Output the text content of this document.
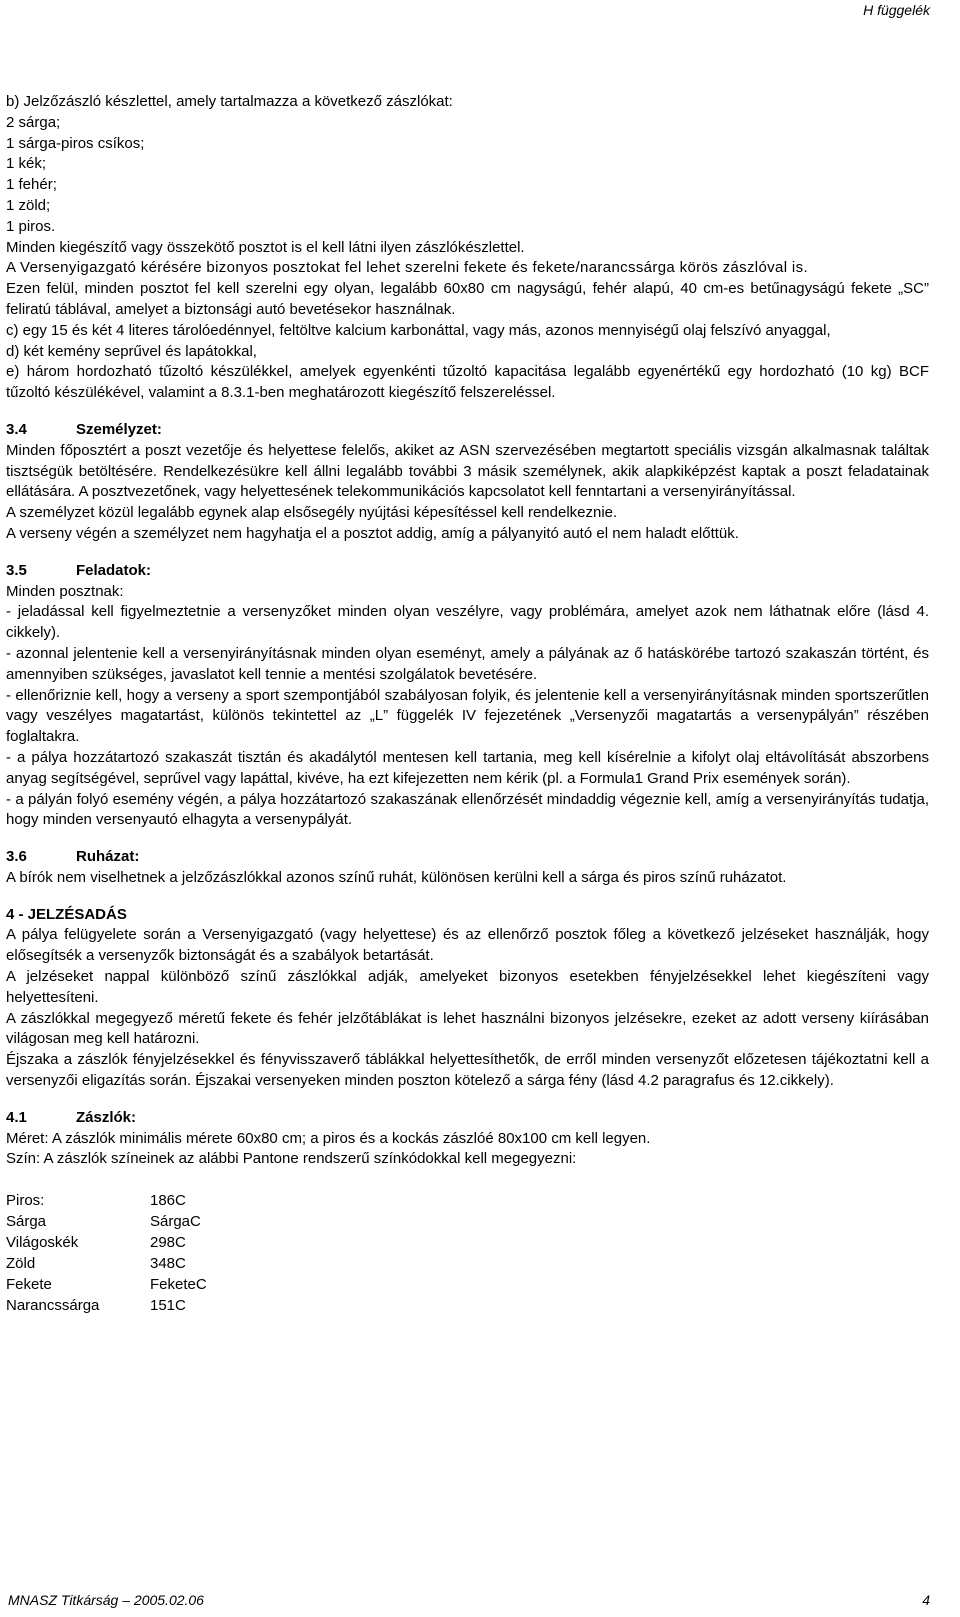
H függelék

b) Jelzőzászló készlettel, amely tartalmazza a következő zászlókat:

2 sárga;

1 sárga-piros csíkos;

1 kék;

1 fehér;

1 zöld;

1 piros.

Minden kiegészítő vagy összekötő posztot is el kell látni ilyen zászlókészlettel.

A Versenyigazgató kérésére bizonyos posztokat fel lehet szerelni fekete és fekete/narancssárga körös zászlóval is.

Ezen felül, minden posztot fel kell szerelni egy olyan, legalább 60x80 cm nagyságú, fehér alapú, 40 cm-es betűnagyságú fekete „SC” feliratú táblával, amelyet a biztonsági autó bevetésekor használnak.

c) egy 15 és két 4 literes tárolóedénnyel, feltöltve kalcium karbonáttal, vagy más, azonos mennyiségű olaj felszívó anyaggal,

d) két kemény seprűvel és lapátokkal,

e) három hordozható tűzoltó készülékkel, amelyek egyenkénti tűzoltó kapacitása legalább egyenértékű egy hordozható (10 kg) BCF tűzoltó készülékével, valamint a 8.3.1-ben meghatározott kiegészítő felszereléssel.

3.4	Személyzet:

Minden főposztért a poszt vezetője és helyettese felelős, akiket az ASN szervezésében megtartott speciális vizsgán alkalmasnak találtak tisztségük betöltésére. Rendelkezésükre kell állni legalább további 3 másik személynek, akik alapkiképzést kaptak a poszt feladatainak ellátására. A posztvezetőnek, vagy helyettesének telekommunikációs kapcsolatot kell fenntartani a versenyirányítással.

A személyzet közül legalább egynek alap elsősegély nyújtási képesítéssel kell rendelkeznie.

A verseny végén a személyzet nem hagyhatja el a posztot addig, amíg a pályanyitó autó el nem haladt előttük.

3.5	Feladatok:

Minden posztnak:

- jeladással kell figyelmeztetnie a versenyzőket minden olyan veszélyre, vagy problémára, amelyet azok nem láthatnak előre (lásd 4. cikkely).

- azonnal jelentenie kell a versenyirányításnak minden olyan eseményt, amely a pályának az ő hatáskörébe tartozó szakaszán történt, és amennyiben szükséges, javaslatot kell tennie a mentési szolgálatok bevetésére.

- ellenőriznie kell, hogy a verseny a sport szempontjából szabályosan folyik, és jelentenie kell a versenyirányításnak minden sportszerűtlen vagy veszélyes magatartást, különös tekintettel az „L” függelék IV fejezetének „Versenyzői magatartás a versenypályán” részében foglaltakra.

- a pálya hozzátartozó szakaszát tisztán és akadálytól mentesen kell tartania, meg kell kísérelnie a kifolyt olaj eltávolítását abszorbens anyag segítségével, seprűvel vagy lapáttal, kivéve, ha ezt kifejezetten nem kérik (pl. a Formula1 Grand Prix események során).

- a pályán folyó esemény végén, a pálya hozzátartozó szakaszának ellenőrzését mindaddig végeznie kell, amíg a versenyirányítás tudatja, hogy minden versenyautó elhagyta a versenypályát.

3.6	Ruházat:

A bírók nem viselhetnek a jelzőzászlókkal azonos színű ruhát, különösen kerülni kell a sárga és piros színű ruházatot.

4 - JELZÉSADÁS

A pálya felügyelete során a Versenyigazgató (vagy helyettese) és az ellenőrző posztok főleg a következő jelzéseket használják, hogy elősegítsék a versenyzők biztonságát és a szabályok betartását.

A jelzéseket nappal különböző színű zászlókkal adják, amelyeket bizonyos esetekben fényjelzésekkel lehet kiegészíteni vagy helyettesíteni.

A zászlókkal megegyező méretű fekete és fehér jelzőtáblákat is lehet használni bizonyos jelzésekre, ezeket az adott verseny kiírásában világosan meg kell határozni.

Éjszaka a zászlók fényjelzésekkel és fényvisszaverő táblákkal helyettesíthetők, de erről minden versenyzőt előzetesen tájékoztatni kell a versenyzői eligazítás során. Éjszakai versenyeken minden poszton kötelező a sárga fény (lásd 4.2 paragrafus és 12.cikkely).

4.1	Zászlók:

Méret: A zászlók minimális mérete 60x80 cm; a piros és a kockás zászlóé 80x100 cm kell legyen.

Szín: A zászlók színeinek az alábbi Pantone rendszerű színkódokkal kell megegyezni:

Piros:	186C
Sárga	SárgaC
Világoskék	298C
Zöld	348C
Fekete	FeketeC
Narancssárga	151C
MNASZ Titkárság – 2005.02.06	4
